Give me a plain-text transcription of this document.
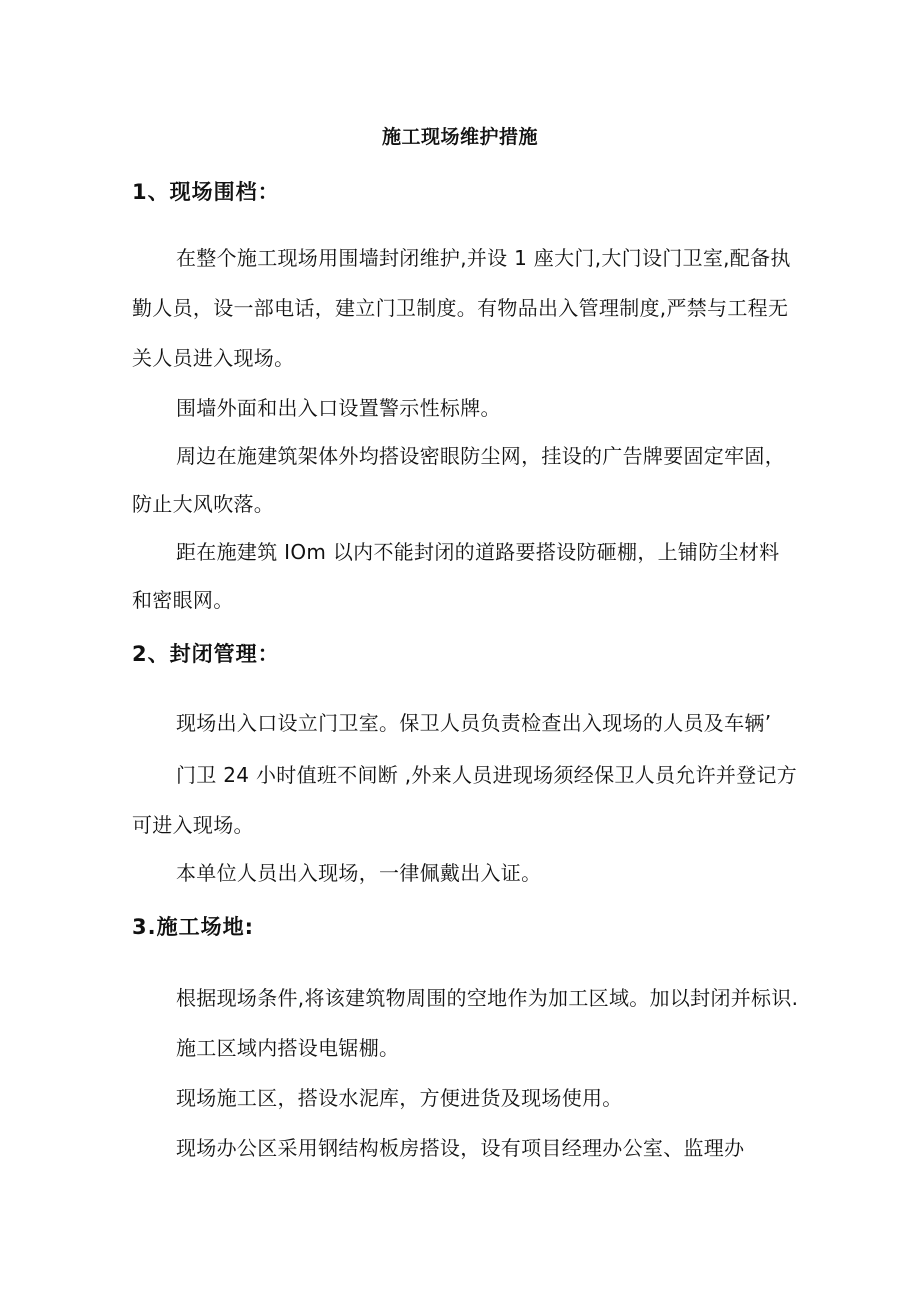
施工现场维护措施
1、现场围档：
在整个施工现场用围墙封闭维护,并设 1 座大门,大门设门卫室,配备执
勤人员，设一部电话，建立门卫制度。有物品出入管理制度,严禁与工程无
关人员进入现场。
围墙外面和出入口设置警示性标牌。
周边在施建筑架体外均搭设密眼防尘网，挂设的广告牌要固定牢固，
防止大风吹落。
距在施建筑 IOm 以内不能封闭的道路要搭设防砸棚，上铺防尘材料
和密眼网。
2、封闭管理：
现场出入口设立门卫室。保卫人员负责检查出入现场的人员及车辆’
门卫 24 小时值班不间断 ,外来人员进现场须经保卫人员允许并登记方
可进入现场。
本单位人员出入现场，一律佩戴出入证。
3.施工场地:
根据现场条件,将该建筑物周围的空地作为加工区域。加以封闭并标识.
施工区域内搭设电锯棚。
现场施工区，搭设水泥库，方便进货及现场使用。
现场办公区采用钢结构板房搭设，设有项目经理办公室、监理办
